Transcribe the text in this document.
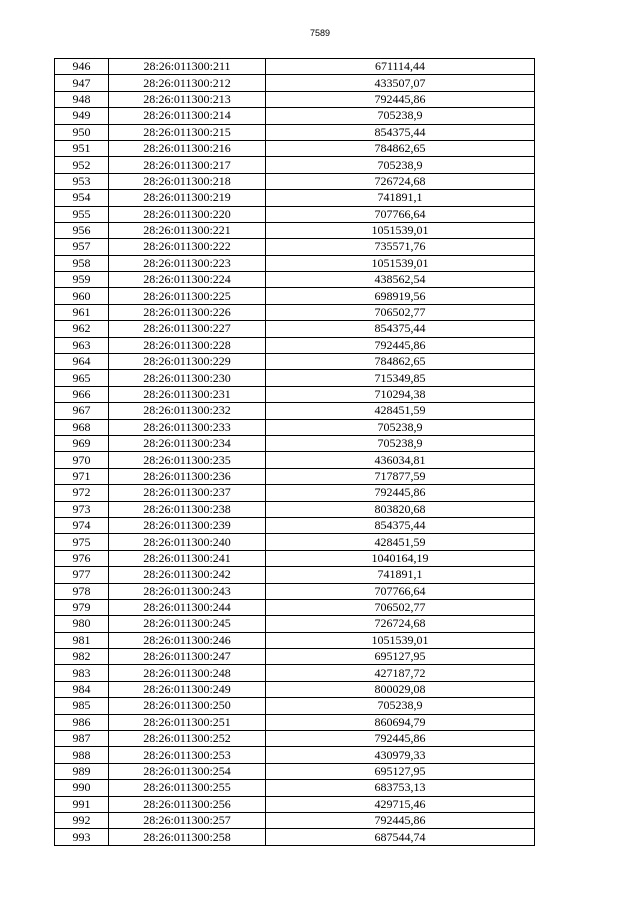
7589
946	28:26:011300:211	671114,44
947	28:26:011300:212	433507,07
948	28:26:011300:213	792445,86
949	28:26:011300:214	705238,9
950	28:26:011300:215	854375,44
951	28:26:011300:216	784862,65
952	28:26:011300:217	705238,9
953	28:26:011300:218	726724,68
954	28:26:011300:219	741891,1
955	28:26:011300:220	707766,64
956	28:26:011300:221	1051539,01
957	28:26:011300:222	735571,76
958	28:26:011300:223	1051539,01
959	28:26:011300:224	438562,54
960	28:26:011300:225	698919,56
961	28:26:011300:226	706502,77
962	28:26:011300:227	854375,44
963	28:26:011300:228	792445,86
964	28:26:011300:229	784862,65
965	28:26:011300:230	715349,85
966	28:26:011300:231	710294,38
967	28:26:011300:232	428451,59
968	28:26:011300:233	705238,9
969	28:26:011300:234	705238,9
970	28:26:011300:235	436034,81
971	28:26:011300:236	717877,59
972	28:26:011300:237	792445,86
973	28:26:011300:238	803820,68
974	28:26:011300:239	854375,44
975	28:26:011300:240	428451,59
976	28:26:011300:241	1040164,19
977	28:26:011300:242	741891,1
978	28:26:011300:243	707766,64
979	28:26:011300:244	706502,77
980	28:26:011300:245	726724,68
981	28:26:011300:246	1051539,01
982	28:26:011300:247	695127,95
983	28:26:011300:248	427187,72
984	28:26:011300:249	800029,08
985	28:26:011300:250	705238,9
986	28:26:011300:251	860694,79
987	28:26:011300:252	792445,86
988	28:26:011300:253	430979,33
989	28:26:011300:254	695127,95
990	28:26:011300:255	683753,13
991	28:26:011300:256	429715,46
992	28:26:011300:257	792445,86
993	28:26:011300:258	687544,74
